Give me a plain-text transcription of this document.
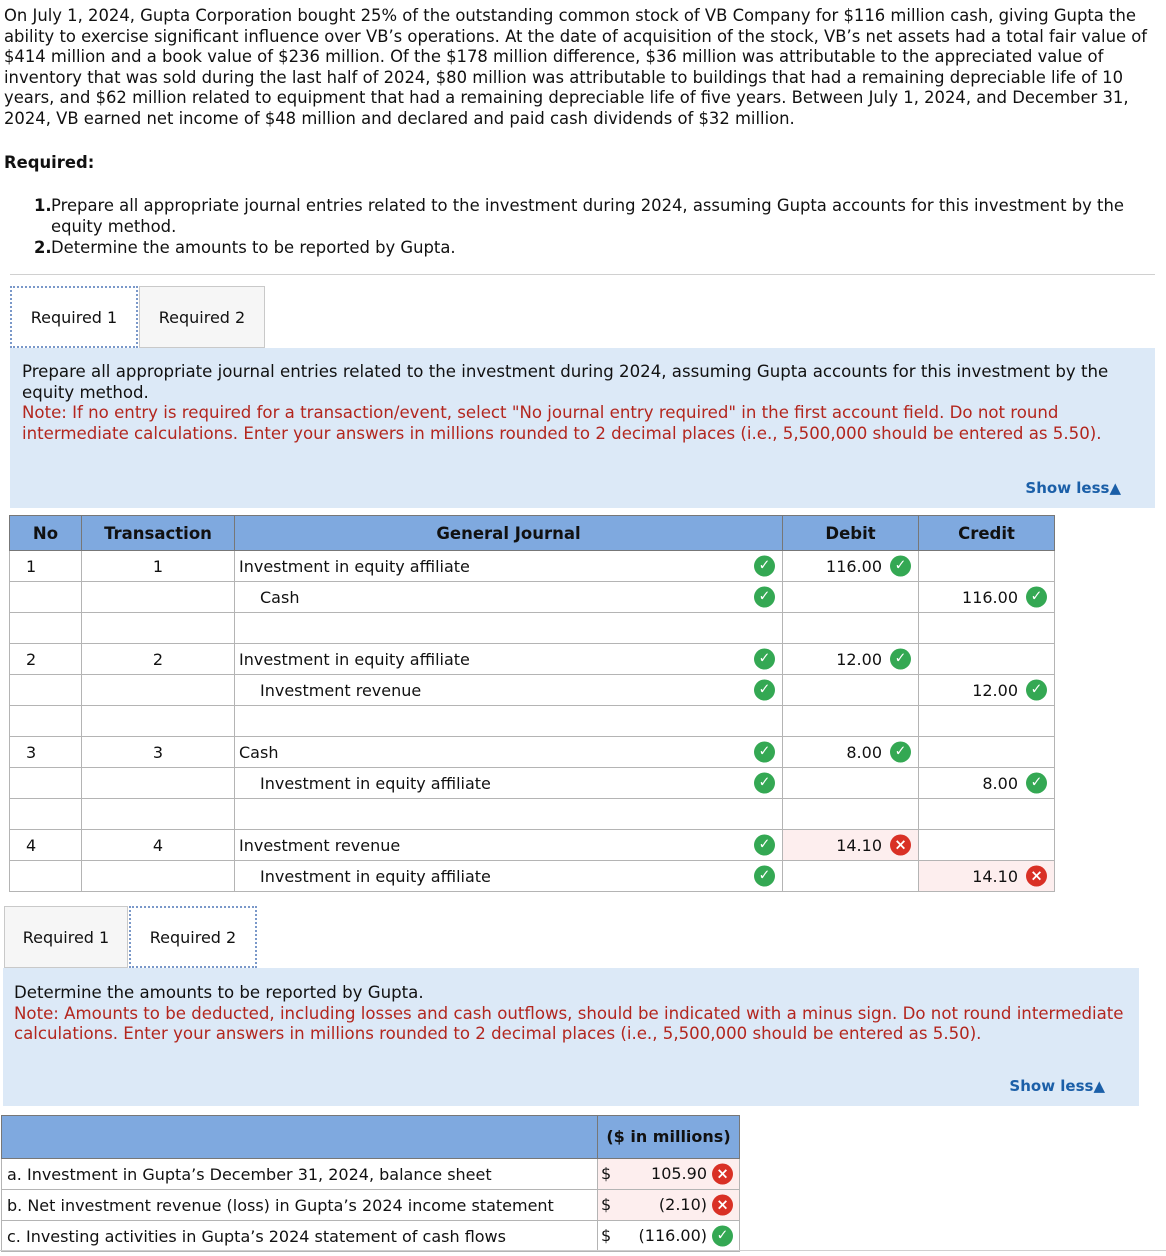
On July 1, 2024, Gupta Corporation bought 25% of the outstanding common stock of VB Company for $116 million cash, giving Gupta the ability to exercise significant influence over VB’s operations. At the date of acquisition of the stock, VB’s net assets had a total fair value of $414 million and a book value of $236 million. Of the $178 million difference, $36 million was attributable to the appreciated value of inventory that was sold during the last half of 2024, $80 million was attributable to buildings that had a remaining depreciable life of 10 years, and $62 million related to equipment that had a remaining depreciable life of five years. Between July 1, 2024, and December 31, 2024, VB earned net income of $48 million and declared and paid cash dividends of $32 million.

Required:

1. Prepare all appropriate journal entries related to the investment during 2024, assuming Gupta accounts for this investment by the equity method.
2. Determine the amounts to be reported by Gupta.
Required 1	Required 2
Prepare all appropriate journal entries related to the investment during 2024, assuming Gupta accounts for this investment by the equity method.
Note: If no entry is required for a transaction/event, select "No journal entry required" in the first account field. Do not round intermediate calculations. Enter your answers in millions rounded to 2 decimal places (i.e., 5,500,000 should be entered as 5.50).
Show less▲
No	Transaction	General Journal	Debit	Credit
1	1	Investment in equity affiliate ✓	116.00 ✓	

		Cash ✓		116.00 ✓

2	2	Investment in equity affiliate ✓	12.00 ✓	

		Investment revenue ✓		12.00 ✓

3	3	Cash ✓	8.00 ✓	

		Investment in equity affiliate ✓		8.00 ✓

4	4	Investment revenue ✓	14.10 ×	

		Investment in equity affiliate ✓		14.10 ×
Required 1	Required 2
Determine the amounts to be reported by Gupta.
Note: Amounts to be deducted, including losses and cash outflows, should be indicated with a minus sign. Do not round intermediate calculations. Enter your answers in millions rounded to 2 decimal places (i.e., 5,500,000 should be entered as 5.50).
Show less▲
	($ in millions)
a. Investment in Gupta’s December 31, 2024, balance sheet	$ 105.90 ×

b. Net investment revenue (loss) in Gupta’s 2024 income statement	$ (2.10) ×

c. Investing activities in Gupta’s 2024 statement of cash flows	$ (116.00) ✓
